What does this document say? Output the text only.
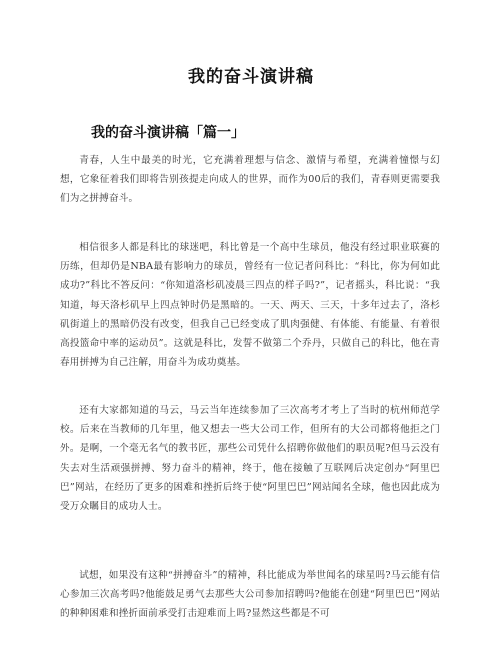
我的奋斗演讲稿
我的奋斗演讲稿「篇一」

青春，人生中最美的时光，它充满着理想与信念、激情与希望，充满着憧憬与幻想，它象征着我们即将告别孩提走向成人的世界，而作为00后的我们，青春则更需要我们为之拼搏奋斗。

相信很多人都是科比的球迷吧，科比曾是一个高中生球员，他没有经过职业联赛的历练，但却仍是NBA最有影响力的球员，曾经有一位记者问科比：“科比，你为何如此成功?”科比不答反问：“你知道洛杉矶凌晨三四点的样子吗?”，记者摇头，科比说：“我知道，每天洛杉矶早上四点钟时仍是黑暗的。一天、两天、三天，十多年过去了，洛杉矶街道上的黑暗仍没有改变，但我自己已经变成了肌肉强健、有体能、有能量、有着很高投篮命中率的运动员”。这就是科比，发誓不做第二个乔丹，只做自己的科比，他在青春用拼搏为自己注解，用奋斗为成功奠基。

还有大家都知道的马云，马云当年连续参加了三次高考才考上了当时的杭州师范学校。后来在当教师的几年里，他又想去一些大公司工作，但所有的大公司都将他拒之门外。是啊，一个毫无名气的教书匠，那些公司凭什么招聘你做他们的职员呢?但马云没有失去对生活顽强拼搏、努力奋斗的精神，终于，他在接触了互联网后决定创办“阿里巴巴”网站，在经历了更多的困难和挫折后终于使“阿里巴巴”网站闻名全球，他也因此成为受万众瞩目的成功人士。

试想，如果没有这种“拼搏奋斗”的精神，科比能成为举世闻名的球星吗?马云能有信心参加三次高考吗?他能鼓足勇气去那些大公司参加招聘吗?他能在创建“阿里巴巴”网站的种种困难和挫折面前承受打击迎难而上吗?显然这些都是不可
